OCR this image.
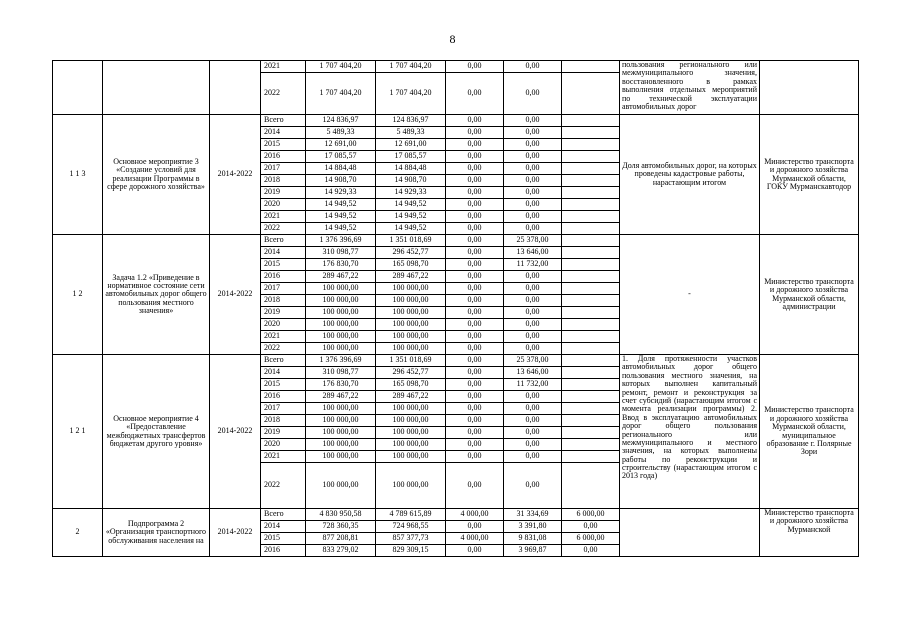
8
			2021	1 707 404,20	1 707 404,20	0,00	0,00		пользования регионального или межмуниципального значения, восстановленного в рамках выполнения отдельных мероприятий по технической эксплуатации автомобильных дорог	
			2022	1 707 404,20	1 707 404,20	0,00	0,00			
1 1 3	Основное мероприятие 3 «Создание условий для реализации Программы в сфере дорожного хозяйства»	2014-2022	Всего	124 836,97	124 836,97	0,00	0,00		Доля автомобильных дорог, на которых проведены кадастровые работы, нарастающим итогом	Министерство транспорта и дорожного хозяйства Мурманской области, ГОКУ Мурманскавтодор
			2014	5 489,33	5 489,33	0,00	0,00			
			2015	12 691,00	12 691,00	0,00	0,00			
			2016	17 085,57	17 085,57	0,00	0,00			
			2017	14 884,48	14 884,48	0,00	0,00			
			2018	14 908,70	14 908,70	0,00	0,00			
			2019	14 929,33	14 929,33	0,00	0,00			
			2020	14 949,52	14 949,52	0,00	0,00			
			2021	14 949,52	14 949,52	0,00	0,00			
			2022	14 949,52	14 949,52	0,00	0,00			
1 2	Задача 1.2 «Приведение в нормативное состояние сети автомобильных дорог общего пользования местного значения»	2014-2022	Всего	1 376 396,69	1 351 018,69	0,00	25 378,00		-	Министерство транспорта и дорожного хозяйства Мурманской области, администрации
			2014	310 098,77	296 452,77	0,00	13 646,00			
			2015	176 830,70	165 098,70	0,00	11 732,00			
			2016	289 467,22	289 467,22	0,00	0,00			
			2017	100 000,00	100 000,00	0,00	0,00			
			2018	100 000,00	100 000,00	0,00	0,00			
			2019	100 000,00	100 000,00	0,00	0,00			
			2020	100 000,00	100 000,00	0,00	0,00			
			2021	100 000,00	100 000,00	0,00	0,00			
			2022	100 000,00	100 000,00	0,00	0,00			
1 2 1	Основное мероприятие 4 «Предоставление межбюджетных трансфертов бюджетам другого уровня»	2014-2022	Всего	1 376 396,69	1 351 018,69	0,00	25 378,00		1. Доля протяженности участков автомобильных дорог общего пользования местного значения, на которых выполнен капитальный ремонт, ремонт и реконструкция за счет субсидий (нарастающим итогом с момента реализации программы) 2. Ввод в эксплуатацию автомобильных дорог общего пользования регионального или межмуниципального и местного значения, на которых выполнены работы по реконструкции и строительству (нарастающим итогом с 2013 года)	Министерство транспорта и дорожного хозяйства Мурманской области, муниципальное образование г. Полярные Зори
			2014	310 098,77	296 452,77	0,00	13 646,00			
			2015	176 830,70	165 098,70	0,00	11 732,00			
			2016	289 467,22	289 467,22	0,00	0,00			
			2017	100 000,00	100 000,00	0,00	0,00			
			2018	100 000,00	100 000,00	0,00	0,00			
			2019	100 000,00	100 000,00	0,00	0,00			
			2020	100 000,00	100 000,00	0,00	0,00			
			2021	100 000,00	100 000,00	0,00	0,00			
			2022	100 000,00	100 000,00	0,00	0,00			
2	Подпрограмма 2 «Организация транспортного обслуживания населения на	2014-2022	Всего	4 830 950,58	4 789 615,89	4 000,00	31 334,69	6 000,00		Министерство транспорта и дорожного хозяйства Мурманской
			2014	728 360,35	724 968,55	0,00	3 391,80	0,00		
			2015	877 208,81	857 377,73	4 000,00	9 831,08	6 000,00		
			2016	833 279,02	829 309,15	0,00	3 969,87	0,00		
